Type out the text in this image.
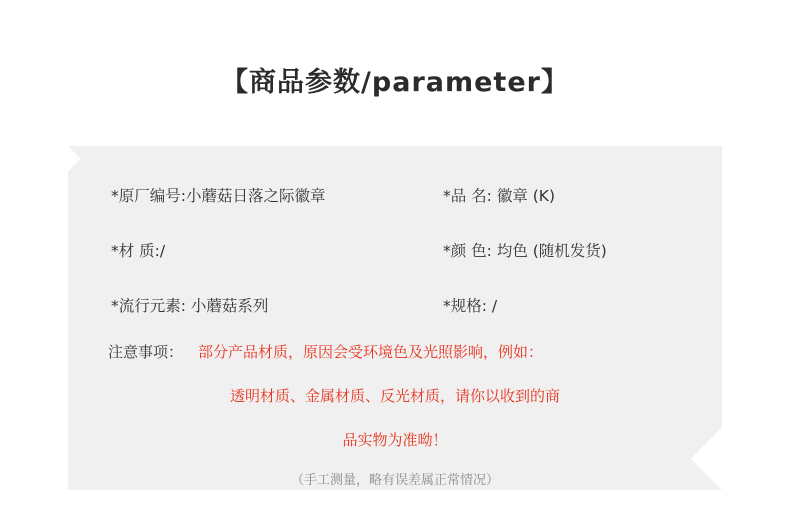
【商品参数/parameter】
*原厂编号:小蘑菇日落之际徽章	*品 名: 徽章 (K)
*材 质:/	*颜 色: 均色 (随机发货)
*流行元素: 小蘑菇系列	*规格: /
注意事项： 部分产品材质，原因会受环境色及光照影响，例如：
透明材质、金属材质、反光材质，请你以收到的商
品实物为准呦！
（手工测量，略有误差属正常情况）
